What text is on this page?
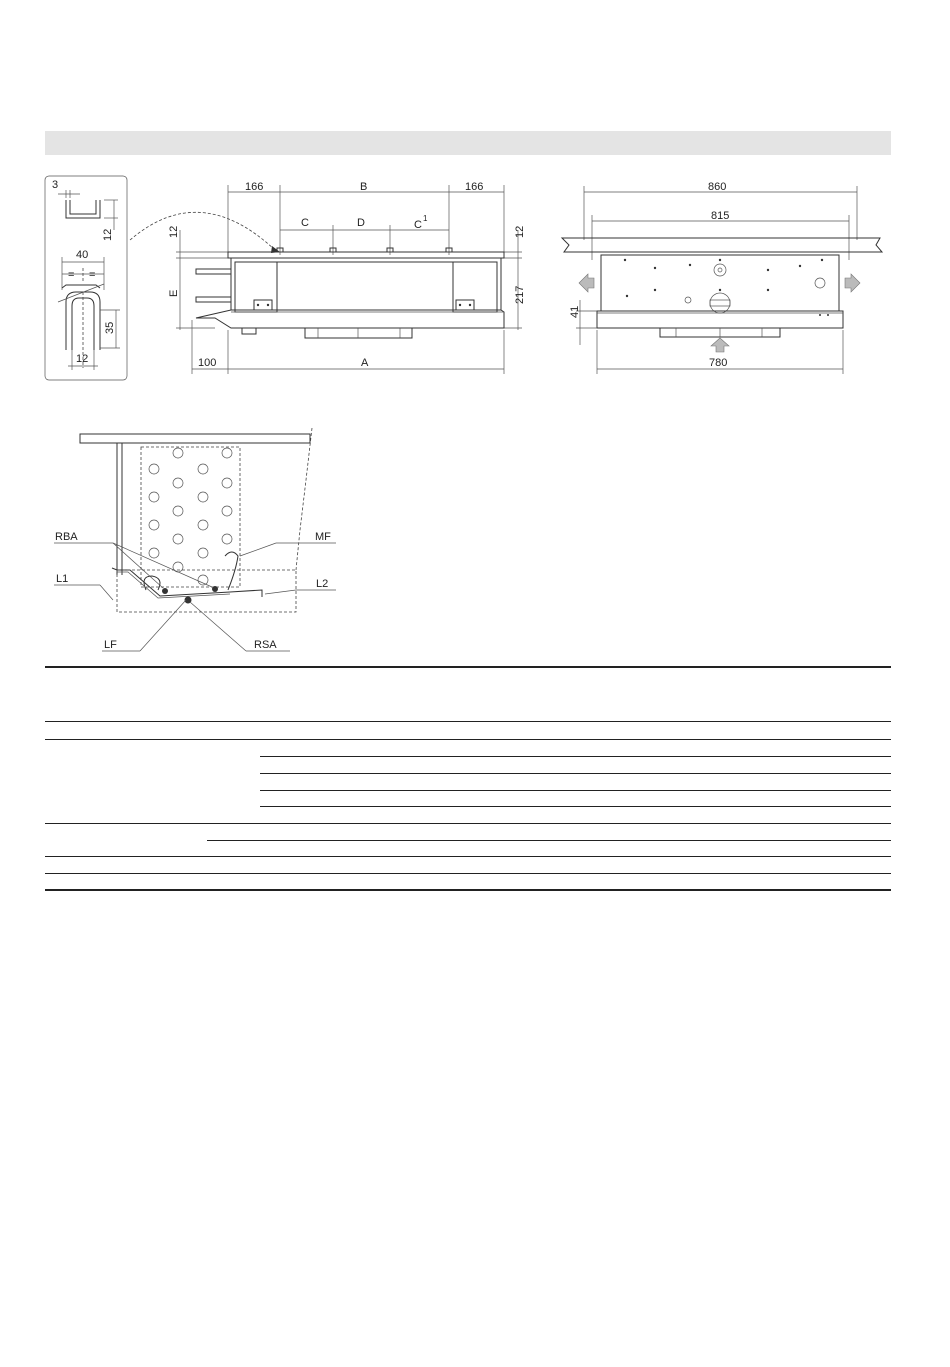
3
12
40
= =
35
12
166	B	166
C	D	C
1
12
E
12
217
100	A
860
815
41
780
RBA	MF
L1	L2
LF	RSA
